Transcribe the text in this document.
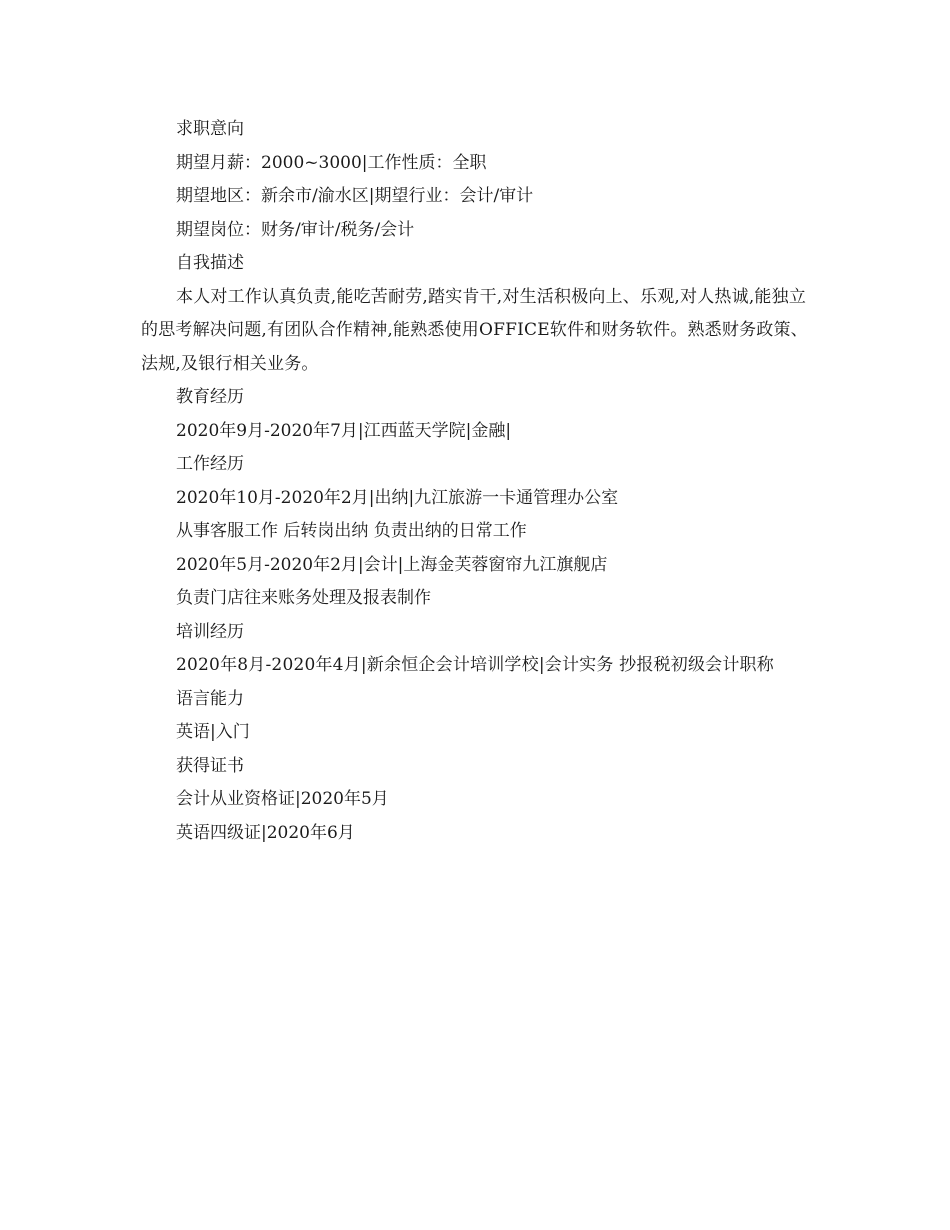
求职意向

期望月薪：2000~3000|工作性质：全职

期望地区：新余市/渝水区|期望行业：会计/审计

期望岗位：财务/审计/税务/会计

自我描述

本人对工作认真负责,能吃苦耐劳,踏实肯干,对生活积极向上、乐观,对人热诚,能独立的思考解决问题,有团队合作精神,能熟悉使用OFFICE软件和财务软件。熟悉财务政策、法规,及银行相关业务。

教育经历

2020年9月-2020年7月|江西蓝天学院|金融|

工作经历

2020年10月-2020年2月|出纳|九江旅游一卡通管理办公室

从事客服工作 后转岗出纳 负责出纳的日常工作

2020年5月-2020年2月|会计|上海金芙蓉窗帘九江旗舰店

负责门店往来账务处理及报表制作

培训经历

2020年8月-2020年4月|新余恒企会计培训学校|会计实务 抄报税初级会计职称

语言能力

英语|入门

获得证书

会计从业资格证|2020年5月

英语四级证|2020年6月
